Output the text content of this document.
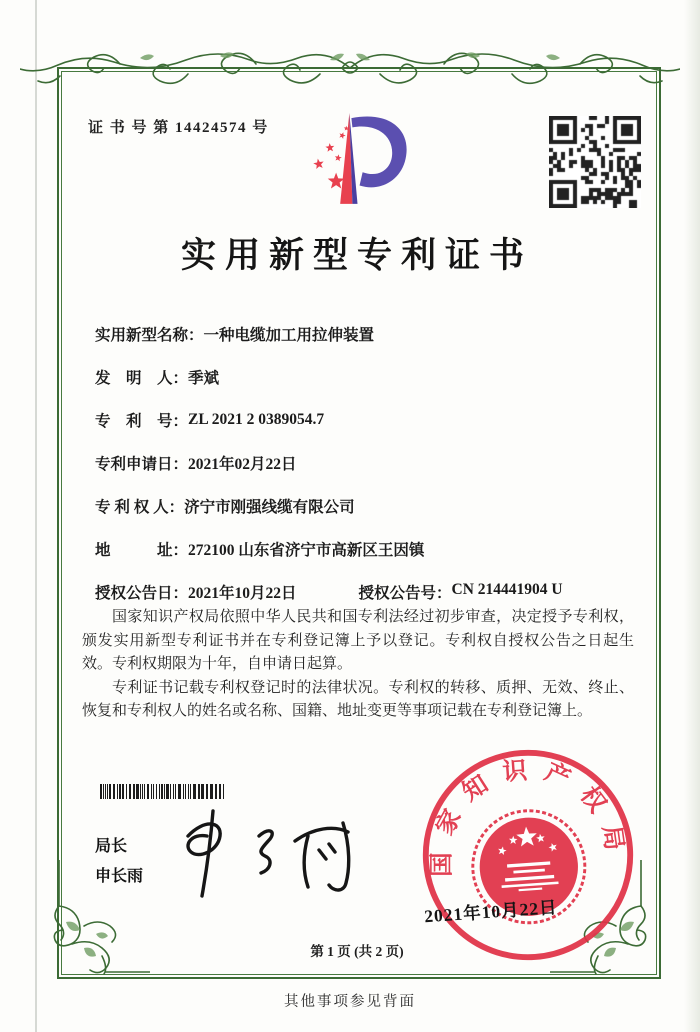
证 书 号 第 14424574 号
实用新型专利证书
实用新型名称： 一种电缆加工用拉伸装置
发　明　人： 季斌
专　利　号： ZL 2021 2 0389054.7
专利申请日： 2021年02月22日
专 利 权 人： 济宁市刚强线缆有限公司
地　　　址： 272100 山东省济宁市高新区王因镇
授权公告日： 2021年10月22日	授权公告号： CN 214441904 U

国家知识产权局依照中华人民共和国专利法经过初步审查，决定授予专利权，颁发实用新型专利证书并在专利登记簿上予以登记。专利权自授权公告之日起生效。专利权期限为十年，自申请日起算。

专利证书记载专利权登记时的法律状况。专利权的转移、质押、无效、终止、恢复和专利权人的姓名或名称、国籍、地址变更等事项记载在专利登记簿上。

局长
申长雨	国家知识产权局
2021年10月22日
第 1 页 (共 2 页)
其他事项参见背面
